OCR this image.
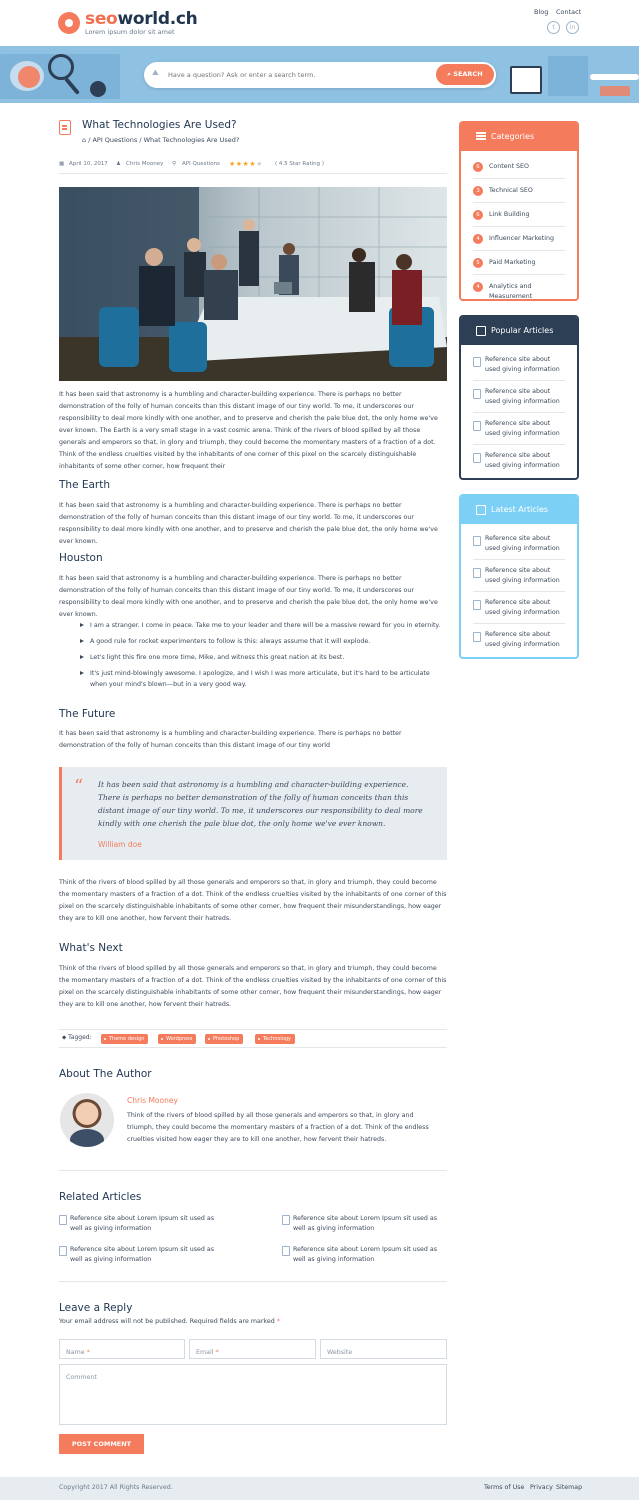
seoworld.ch
Lorem ipsum dolor sit amet
Blog Contact
t	in
⛰
Have a question? Ask or enter a search term.	⌕ SEARCH
What Technologies Are Used?
⌂ / API Questions / What Technologies Are Used?
▦ April 10, 2017 ♟ Chris Mooney ⚲ API Questions ★★★★★ ( 4.5 Star Rating )
It has been said that astronomy is a humbling and character-building experience. There is perhaps no better demonstration of the folly of human conceits than this distant image of our tiny world. To me, it underscores our responsibility to deal more kindly with one another, and to preserve and cherish the pale blue dot, the only home we've ever known. The Earth is a very small stage in a vast cosmic arena. Think of the rivers of blood spilled by all those generals and emperors so that, in glory and triumph, they could become the momentary masters of a fraction of a dot. Think of the endless cruelties visited by the inhabitants of one corner of this pixel on the scarcely distinguishable inhabitants of some other corner, how frequent their
The Earth
It has been said that astronomy is a humbling and character-building experience. There is perhaps no better demonstration of the folly of human conceits than this distant image of our tiny world. To me, it underscores our responsibility to deal more kindly with one another, and to preserve and cherish the pale blue dot, the only home we've ever known.
Houston
It has been said that astronomy is a humbling and character-building experience. There is perhaps no better demonstration of the folly of human conceits than this distant image of our tiny world. To me, it underscores our responsibility to deal more kindly with one another, and to preserve and cherish the pale blue dot, the only home we've ever known.
I am a stranger. I come in peace. Take me to your leader and there will be a massive reward for you in eternity.
A good rule for rocket experimenters to follow is this: always assume that it will explode.
Let's light this fire one more time, Mike, and witness this great nation at its best.
It's just mind-blowingly awesome. I apologize, and I wish I was more articulate, but it's hard to be articulate when your mind's blown—but in a very good way.
The Future
It has been said that astronomy is a humbling and character-building experience. There is perhaps no better demonstration of the folly of human conceits than this distant image of our tiny world
“ It has been said that astronomy is a humbling and character-building experience. There is perhaps no better demonstration of the folly of human conceits than this distant image of our tiny world. To me, it underscores our responsibility to deal more kindly with one cherish the pale blue dot, the only home we've ever known.
William doe
Think of the rivers of blood spilled by all those generals and emperors so that, in glory and triumph, they could become the momentary masters of a fraction of a dot. Think of the endless cruelties visited by the inhabitants of one corner of this pixel on the scarcely distinguishable inhabitants of some other corner, how frequent their misunderstandings, how eager they are to kill one another, how fervent their hatreds.
What's Next
Think of the rivers of blood spilled by all those generals and emperors so that, in glory and triumph, they could become the momentary masters of a fraction of a dot. Think of the endless cruelties visited by the inhabitants of one corner of this pixel on the scarcely distinguishable inhabitants of some other corner, how frequent their misunderstandings, how eager they are to kill one another, how fervent their hatreds.
⬥ Tagged:	Theme design	Wordpress	Photoshop	Technology
About The Author
Chris Mooney
Think of the rivers of blood spilled by all those generals and emperors so that, in glory and triumph, they could become the momentary masters of a fraction of a dot. Think of the endless cruelties visited how eager they are to kill one another, how fervent their hatreds.
Related Articles
Reference site about Lorem Ipsum sit used as well as giving information
Reference site about Lorem Ipsum sit used as well as giving information
Reference site about Lorem Ipsum sit used as well as giving information
Reference site about Lorem Ipsum sit used as well as giving information
Leave a Reply
Your email address will not be published. Required fields are marked *
Name *	Email *	Website
Comment
POST COMMENT
Copyright 2017 All Rights Reserved.	Terms of Use Privacy Sitemap
Categories
6	Content SEO
3	Technical SEO
6	Link Building
4	Influencer Marketing
5	Paid Marketing
4	Analytics and Measurement
Popular Articles
Reference site about used giving information
Reference site about used giving information
Reference site about used giving information
Reference site about used giving information
Latest Articles
Reference site about used giving information
Reference site about used giving information
Reference site about used giving information
Reference site about used giving information
